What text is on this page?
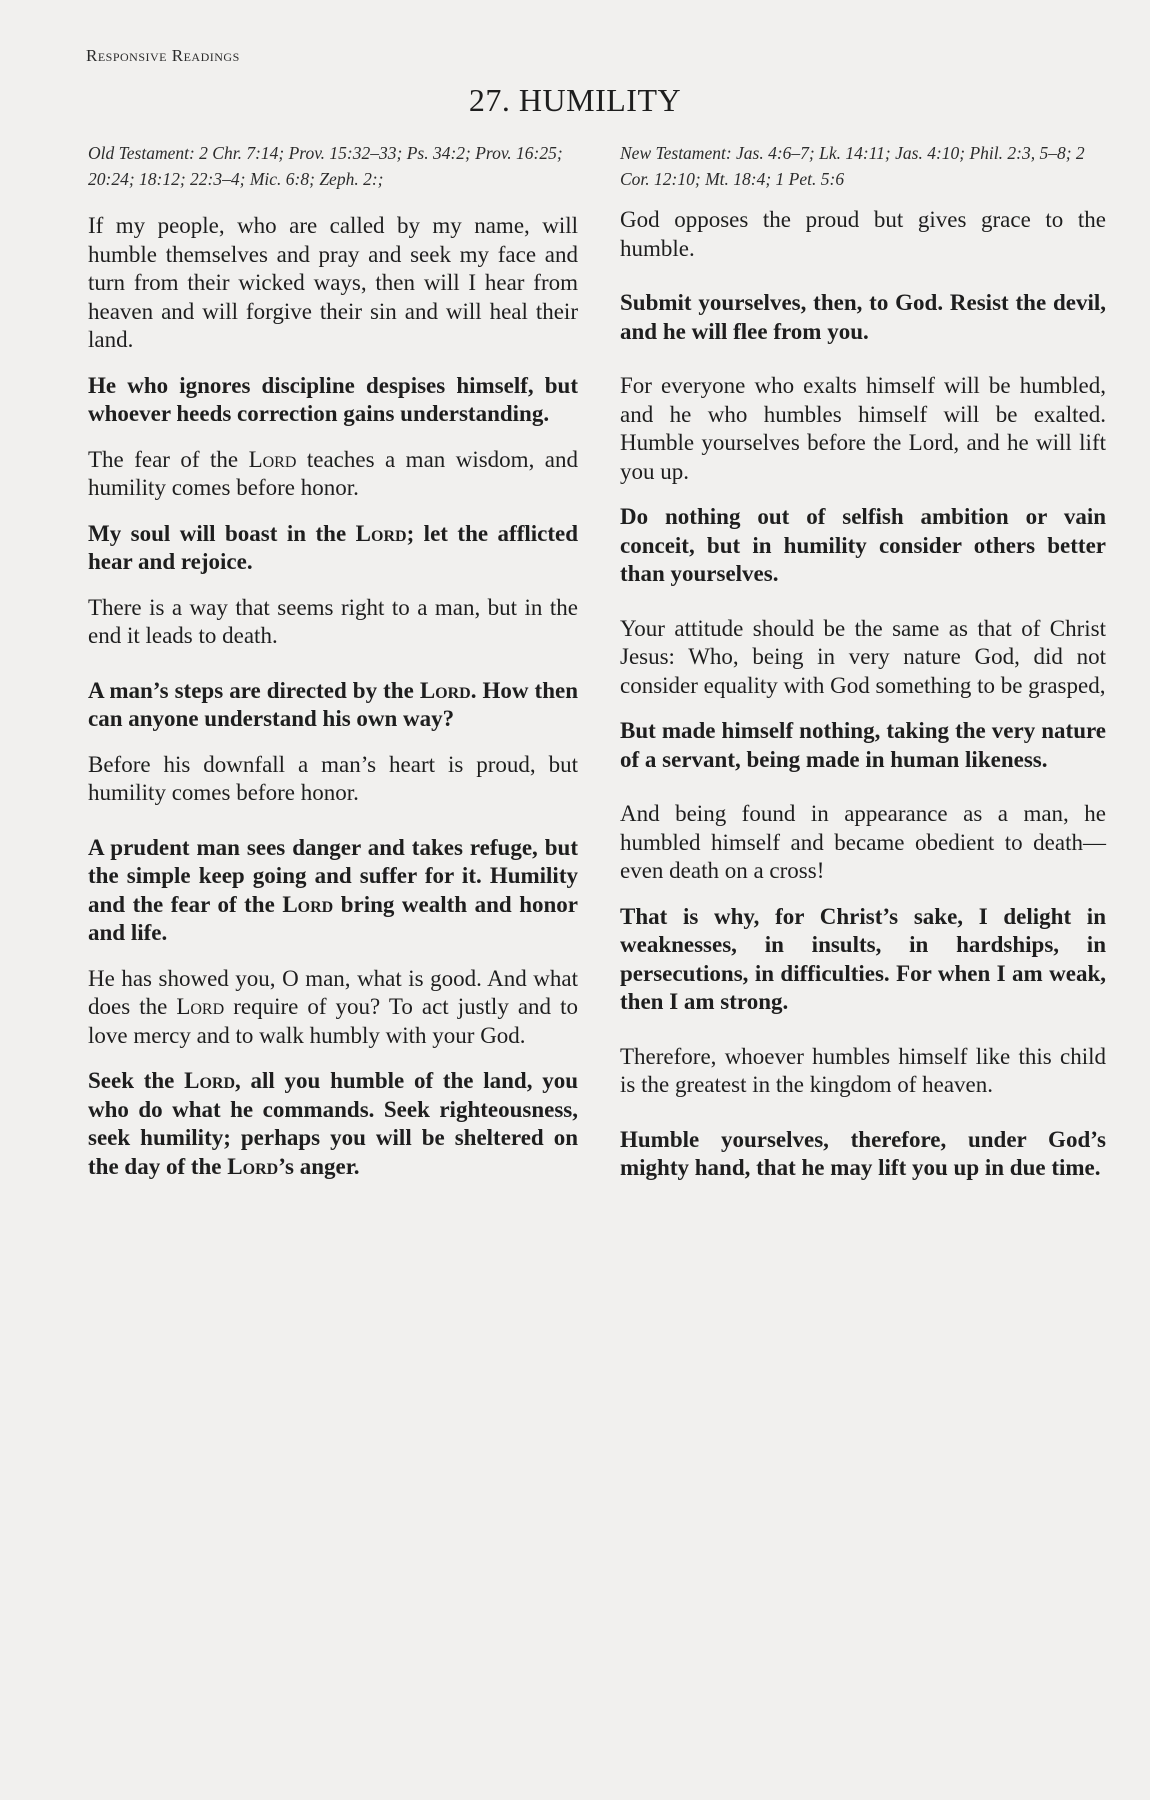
Responsive Readings
27. HUMILITY

Old Testament: 2 Chr. 7:14; Prov. 15:32–33; Ps. 34:2; Prov. 16:25; 20:24; 18:12; 22:3–4; Mic. 6:8; Zeph. 2:;

If my people, who are called by my name, will humble themselves and pray and seek my face and turn from their wicked ways, then will I hear from heaven and will forgive their sin and will heal their land.

He who ignores discipline despises himself, but whoever heeds correction gains understanding.

The fear of the Lord teaches a man wisdom, and humility comes before honor.

My soul will boast in the Lord; let the afflicted hear and rejoice.

There is a way that seems right to a man, but in the end it leads to death.

A man’s steps are directed by the Lord. How then can anyone understand his own way?

Before his downfall a man’s heart is proud, but humility comes before honor.

A prudent man sees danger and takes refuge, but the simple keep going and suffer for it. Humility and the fear of the Lord bring wealth and honor and life.

He has showed you, O man, what is good. And what does the Lord require of you? To act justly and to love mercy and to walk humbly with your God.

Seek the Lord, all you humble of the land, you who do what he commands. Seek righteousness, seek humility; perhaps you will be sheltered on the day of the Lord’s anger.

New Testament: Jas. 4:6–7; Lk. 14:11; Jas. 4:10; Phil. 2:3, 5–8; 2 Cor. 12:10; Mt. 18:4; 1 Pet. 5:6

God opposes the proud but gives grace to the humble.

Submit yourselves, then, to God. Resist the devil, and he will flee from you.

For everyone who exalts himself will be humbled, and he who humbles himself will be exalted. Humble yourselves before the Lord, and he will lift you up.

Do nothing out of selfish ambition or vain conceit, but in humility consider others better than yourselves.

Your attitude should be the same as that of Christ Jesus: Who, being in very nature God, did not consider equality with God something to be grasped,

But made himself nothing, taking the very nature of a servant, being made in human likeness.

And being found in appearance as a man, he humbled himself and became obedient to death— even death on a cross!

That is why, for Christ’s sake, I delight in weaknesses, in insults, in hardships, in persecutions, in difficulties. For when I am weak, then I am strong.

Therefore, whoever humbles himself like this child is the greatest in the kingdom of heaven.

Humble yourselves, therefore, under God’s mighty hand, that he may lift you up in due time.
